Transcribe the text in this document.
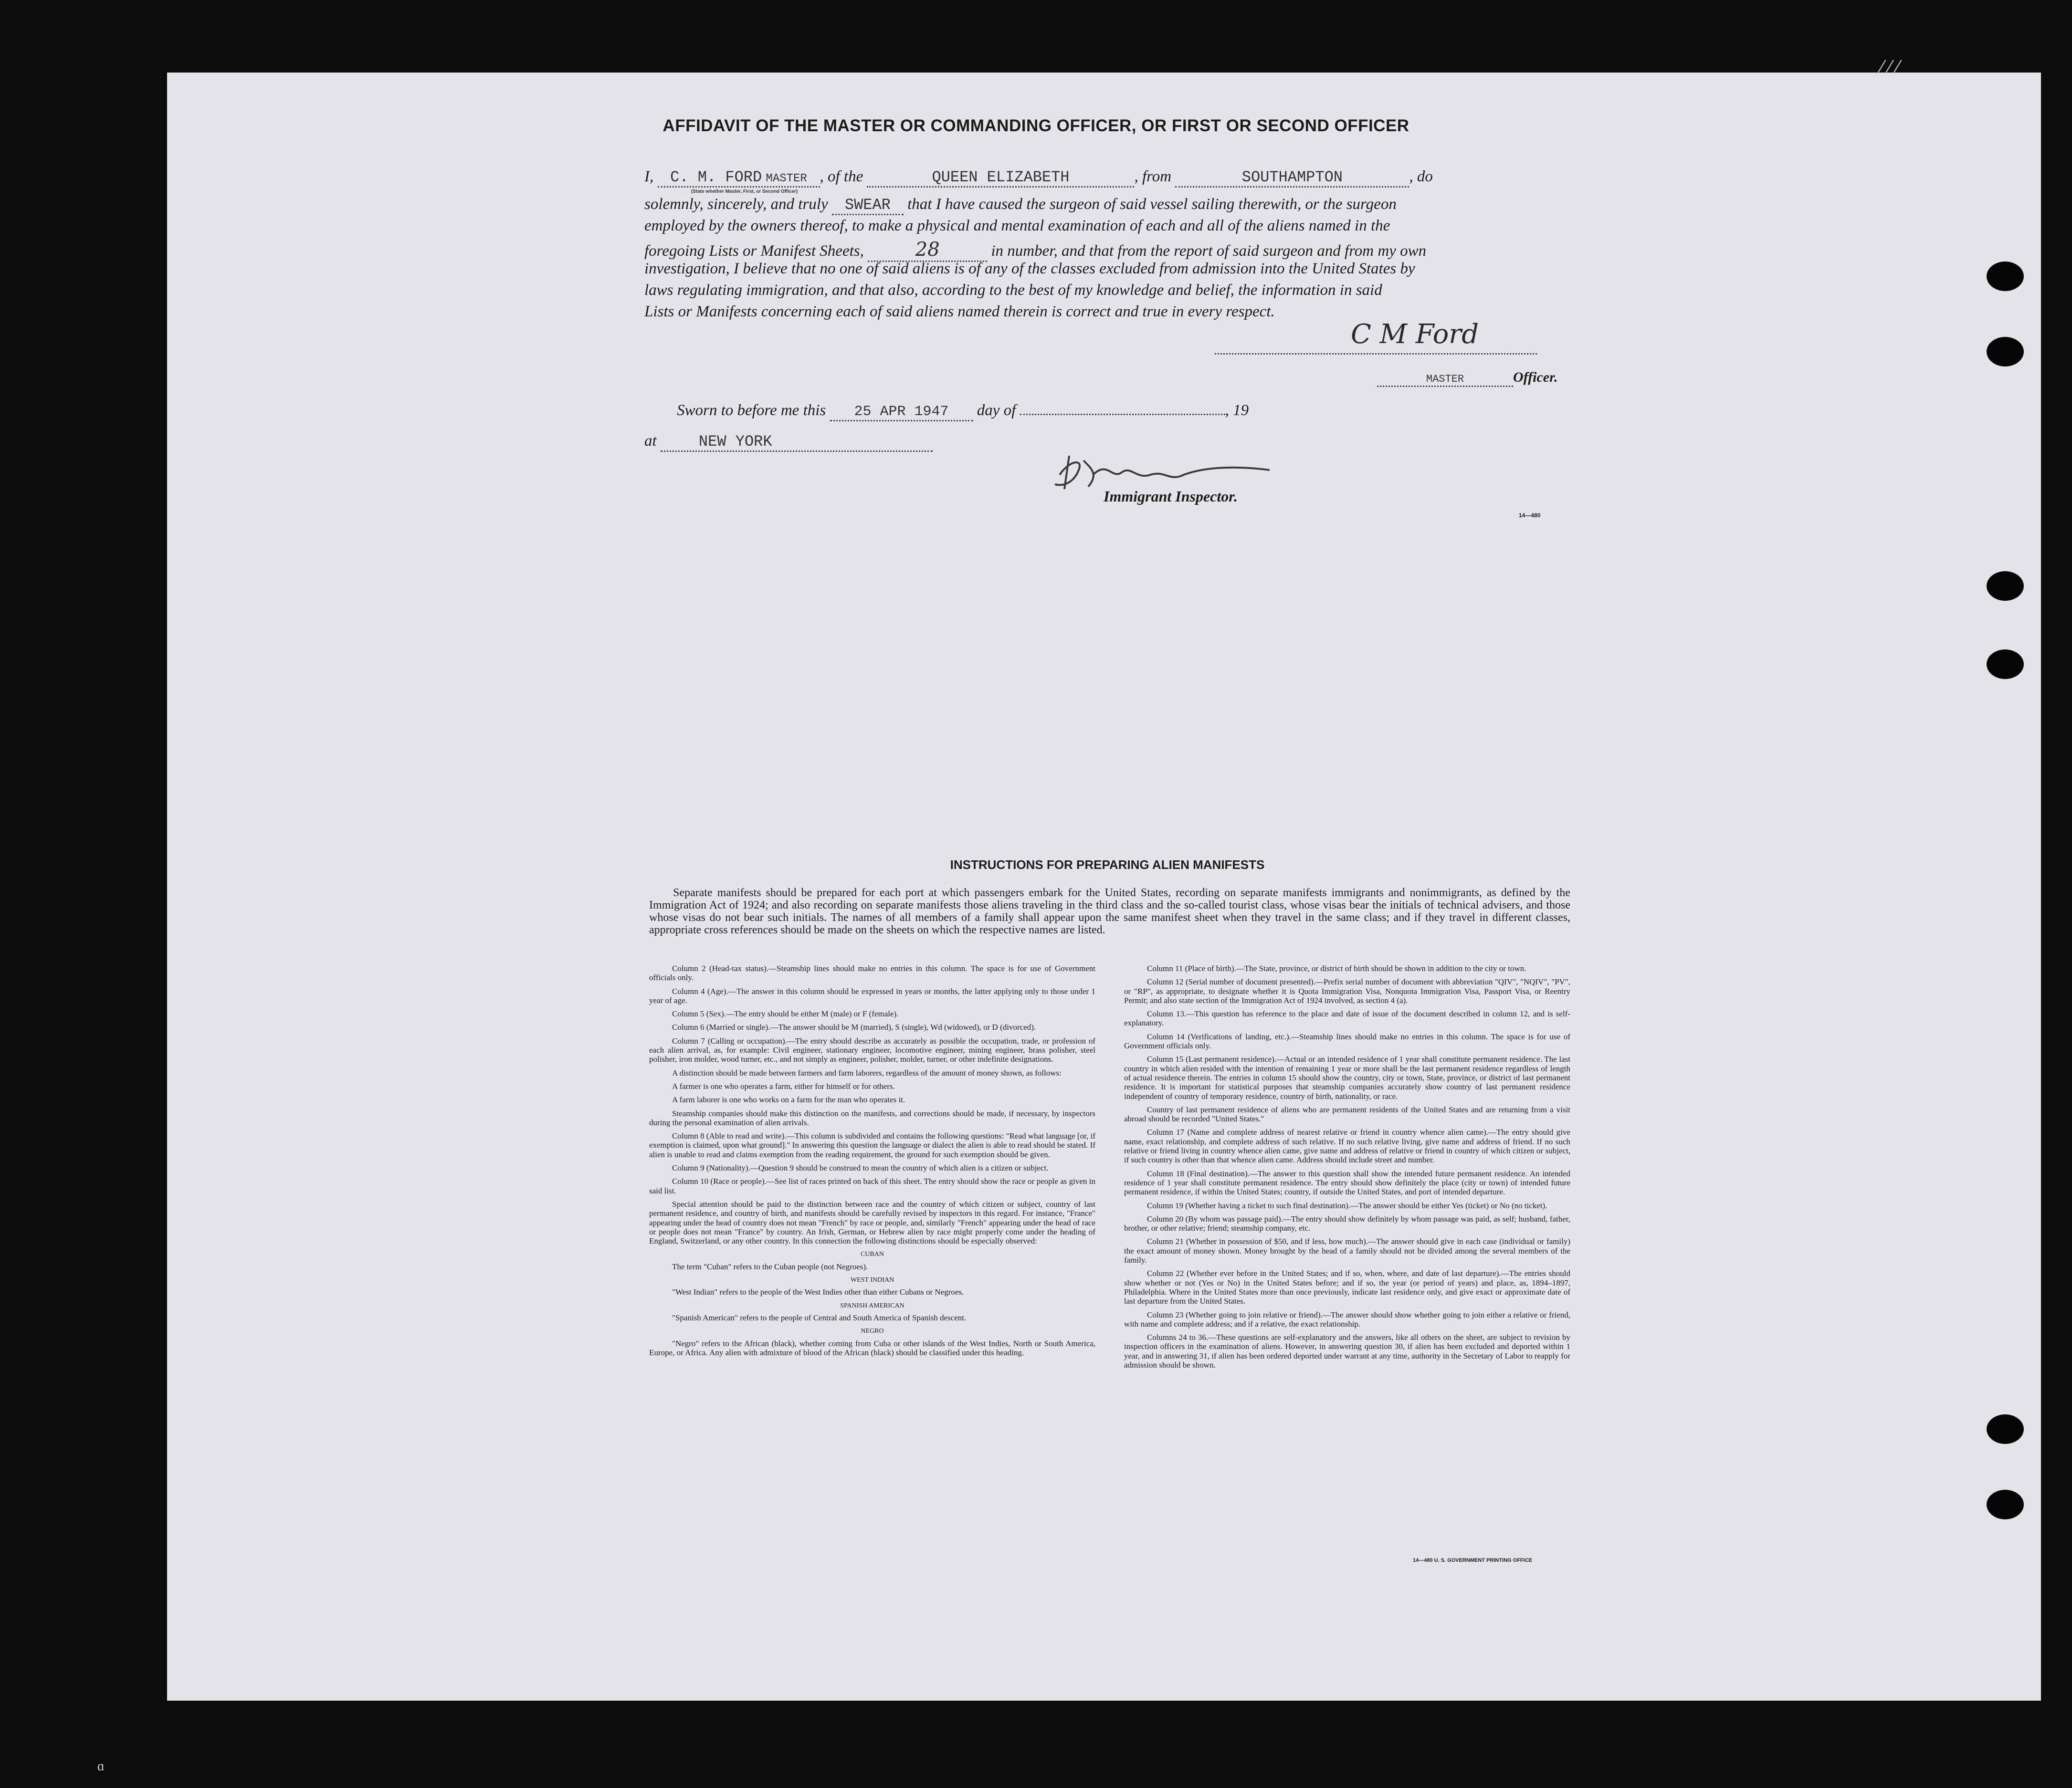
⁄ ⁄ ⁄
AFFIDAVIT OF THE MASTER OR COMMANDING OFFICER, OR FIRST OR SECOND OFFICER
I, C. M. FORD MASTER , of the	QUEEN ELIZABETH	, from	SOUTHAMPTON	, do
(State whether Master, First, or Second Officer)
solemnly, sincerely, and truly SWEAR that I have caused the surgeon of said vessel sailing therewith, or the surgeon
employed by the owners thereof, to make a physical and mental examination of each and all of the aliens named in the
foregoing Lists or Manifest Sheets,	28	in number, and that from the report of said surgeon and from my own
investigation, I believe that no one of said aliens is of any of the classes excluded from admission into the United States by
laws regulating immigration, and that also, according to the best of my knowledge and belief, the information in said
Lists or Manifests concerning each of said aliens named therein is correct and true in every respect.
C M Ford
MASTER	Officer.
Sworn to before me this 25 APR 1947 day of	, 19
at	NEW YORK	G Kerr
Immigrant Inspector.
14—480
INSTRUCTIONS FOR PREPARING ALIEN MANIFESTS
Separate manifests should be prepared for each port at which passengers embark for the United States, recording on separate manifests immigrants and nonimmigrants, as defined by the Immigration Act of 1924; and also recording on separate manifests those aliens traveling in the third class and the so-called tourist class, whose visas bear the initials of technical advisers, and those whose visas do not bear such initials. The names of all members of a family shall appear upon the same manifest sheet when they travel in the same class; and if they travel in different classes, appropriate cross references should be made on the sheets on which the respective names are listed.

Column 2 (Head-tax status).—Steamship lines should make no entries in this column. The space is for use of Government officials only.

Column 4 (Age).—The answer in this column should be expressed in years or months, the latter applying only to those under 1 year of age.

Column 5 (Sex).—The entry should be either M (male) or F (female).

Column 6 (Married or single).—The answer should be M (married), S (single), Wd (widowed), or D (divorced).

Column 7 (Calling or occupation).—The entry should describe as accurately as possible the occupation, trade, or profession of each alien arrival, as, for example: Civil engineer, stationary engineer, locomotive engineer, mining engineer, brass polisher, steel polisher, iron molder, wood turner, etc., and not simply as engineer, polisher, molder, turner, or other indefinite designations.

A distinction should be made between farmers and farm laborers, regardless of the amount of money shown, as follows:

A farmer is one who operates a farm, either for himself or for others.

A farm laborer is one who works on a farm for the man who operates it.

Steamship companies should make this distinction on the manifests, and corrections should be made, if necessary, by inspectors during the personal examination of alien arrivals.

Column 8 (Able to read and write).—This column is subdivided and contains the following questions: "Read what language [or, if exemption is claimed, upon what ground]." In answering this question the language or dialect the alien is able to read should be stated. If alien is unable to read and claims exemption from the reading requirement, the ground for such exemption should be given.

Column 9 (Nationality).—Question 9 should be construed to mean the country of which alien is a citizen or subject.

Column 10 (Race or people).—See list of races printed on back of this sheet. The entry should show the race or people as given in said list.

Special attention should be paid to the distinction between race and the country of which citizen or subject, country of last permanent residence, and country of birth, and manifests should be carefully revised by inspectors in this regard. For instance, "France" appearing under the head of country does not mean "French" by race or people, and, similarly "French" appearing under the head of race or people does not mean "France" by country. An Irish, German, or Hebrew alien by race might properly come under the heading of England, Switzerland, or any other country. In this connection the following distinctions should be especially observed:

CUBAN

The term "Cuban" refers to the Cuban people (not Negroes).

WEST INDIAN

"West Indian" refers to the people of the West Indies other than either Cubans or Negroes.

SPANISH AMERICAN

"Spanish American" refers to the people of Central and South America of Spanish descent.

NEGRO

"Negro" refers to the African (black), whether coming from Cuba or other islands of the West Indies, North or South America, Europe, or Africa. Any alien with admixture of blood of the African (black) should be classified under this heading.

Column 11 (Place of birth).—The State, province, or district of birth should be shown in addition to the city or town.

Column 12 (Serial number of document presented).—Prefix serial number of document with abbreviation "QIV", "NQIV", "PV", or "RP", as appropriate, to designate whether it is Quota Immigration Visa, Nonquota Immigration Visa, Passport Visa, or Reentry Permit; and also state section of the Immigration Act of 1924 involved, as section 4 (a).

Column 13.—This question has reference to the place and date of issue of the document described in column 12, and is self-explanatory.

Column 14 (Verifications of landing, etc.).—Steamship lines should make no entries in this column. The space is for use of Government officials only.

Column 15 (Last permanent residence).—Actual or an intended residence of 1 year shall constitute permanent residence. The last country in which alien resided with the intention of remaining 1 year or more shall be the last permanent residence regardless of length of actual residence therein. The entries in column 15 should show the country, city or town, State, province, or district of last permanent residence. It is important for statistical purposes that steamship companies accurately show country of last permanent residence independent of country of temporary residence, country of birth, nationality, or race.

Country of last permanent residence of aliens who are permanent residents of the United States and are returning from a visit abroad should be recorded "United States."

Column 17 (Name and complete address of nearest relative or friend in country whence alien came).—The entry should give name, exact relationship, and complete address of such relative. If no such relative living, give name and address of friend. If no such relative or friend living in country whence alien came, give name and address of relative or friend in country of which citizen or subject, if such country is other than that whence alien came. Address should include street and number.

Column 18 (Final destination).—The answer to this question shall show the intended future permanent residence. An intended residence of 1 year shall constitute permanent residence. The entry should show definitely the place (city or town) of intended future permanent residence, if within the United States; country, if outside the United States, and port of intended departure.

Column 19 (Whether having a ticket to such final destination).—The answer should be either Yes (ticket) or No (no ticket).

Column 20 (By whom was passage paid).—The entry should show definitely by whom passage was paid, as self; husband, father, brother, or other relative; friend; steamship company, etc.

Column 21 (Whether in possession of $50, and if less, how much).—The answer should give in each case (individual or family) the exact amount of money shown. Money brought by the head of a family should not be divided among the several members of the family.

Column 22 (Whether ever before in the United States; and if so, when, where, and date of last departure).—The entries should show whether or not (Yes or No) in the United States before; and if so, the year (or period of years) and place, as, 1894–1897, Philadelphia. Where in the United States more than once previously, indicate last residence only, and give exact or approximate date of last departure from the United States.

Column 23 (Whether going to join relative or friend).—The answer should show whether going to join either a relative or friend, with name and complete address; and if a relative, the exact relationship.

Columns 24 to 36.—These questions are self-explanatory and the answers, like all others on the sheet, are subject to revision by inspection officers in the examination of aliens. However, in answering question 30, if alien has been excluded and deported within 1 year, and in answering 31, if alien has been ordered deported under warrant at any time, authority in the Secretary of Labor to reapply for admission should be shown.

14—480 U. S. GOVERNMENT PRINTING OFFICE
ɑ
